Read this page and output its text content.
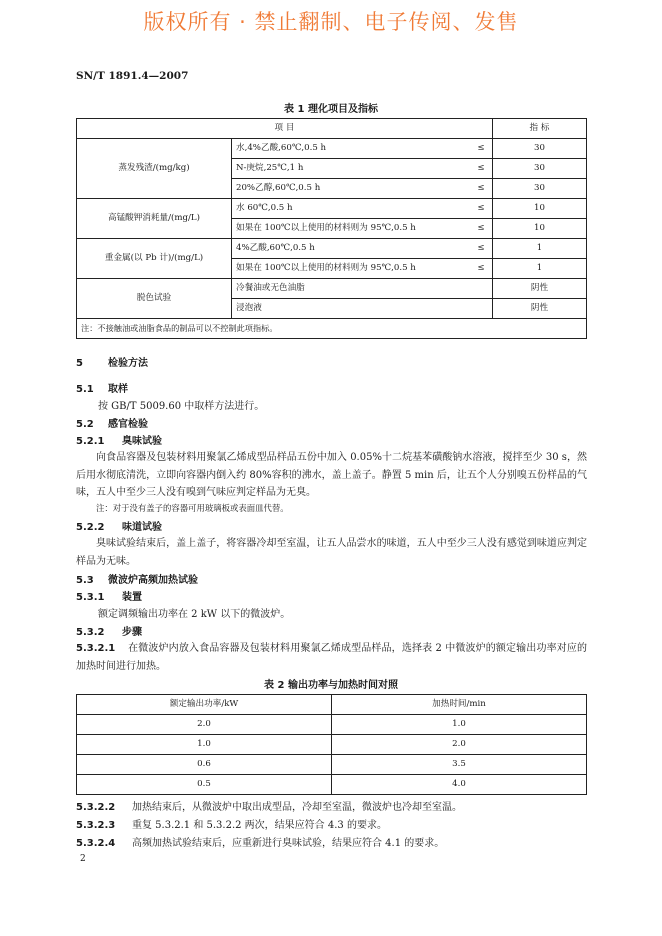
版权所有 · 禁止翻制、电子传阅、发售
SN/T 1891.4—2007
表 1 理化项目及指标
项 目			指 标
蒸发残渣/(mg/kg)	水,4%乙酸,60℃,0.5 h	≤	30
	N-庚烷,25℃,1 h	≤	30
	20%乙醇,60℃,0.5 h	≤	30
高锰酸钾消耗量/(mg/L)	水 60℃,0.5 h	≤	10
	如果在 100℃以上使用的材料则为 95℃,0.5 h	≤	10
重金属(以 Pb 计)/(mg/L)	4%乙酸,60℃,0.5 h	≤	1
	如果在 100℃以上使用的材料则为 95℃,0.5 h	≤	1
脱色试验	冷餐油或无色油脂		阴性
	浸泡液		阴性
注：不接触油或油脂食品的制品可以不控制此项指标。			
5	检验方法
5.1 取样
按 GB/T 5009.60 中取样方法进行。
5.2 感官检验
5.2.1 臭味试验
向食品容器及包装材料用聚氯乙烯成型品样品五份中加入 0.05%十二烷基苯磺酸钠水溶液，搅拌至少 30 s，然后用水彻底清洗，立即向容器内倒入约 80%容积的沸水，盖上盖子。静置 5 min 后，让五个人分别嗅五份样品的气味，五人中至少三人没有嗅到气味应判定样品为无臭。
注：对于没有盖子的容器可用玻璃板或表面皿代替。
5.2.2 味道试验
臭味试验结束后，盖上盖子，将容器冷却至室温，让五人品尝水的味道，五人中至少三人没有感觉到味道应判定样品为无味。
5.3 微波炉高频加热试验
5.3.1 装置
额定调频输出功率在 2 kW 以下的微波炉。
5.3.2 步骤
5.3.2.1 在微波炉内放入食品容器及包装材料用聚氯乙烯成型品样品，选择表 2 中微波炉的额定输出功率对应的加热时间进行加热。
表 2 输出功率与加热时间对照
额定输出功率/kW	加热时间/min
2.0	1.0
1.0	2.0
0.6	3.5
0.5	4.0
5.3.2.2 加热结束后，从微波炉中取出成型品，冷却至室温，微波炉也冷却至室温。
5.3.2.3 重复 5.3.2.1 和 5.3.2.2 两次，结果应符合 4.3 的要求。
5.3.2.4 高频加热试验结束后，应重新进行臭味试验，结果应符合 4.1 的要求。
2
